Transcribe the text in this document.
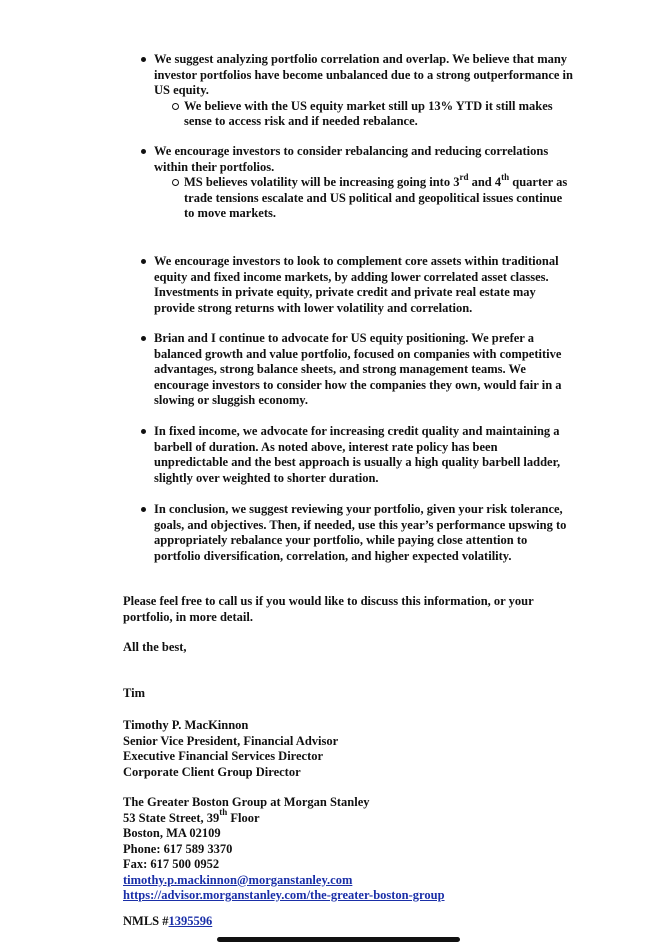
We suggest analyzing portfolio correlation and overlap. We believe that many investor portfolios have become unbalanced due to a strong outperformance in US equity.
We believe with the US equity market still up 13% YTD it still makes sense to access risk and if needed rebalance.
We encourage investors to consider rebalancing and reducing correlations within their portfolios.
MS believes volatility will be increasing going into 3rd and 4th quarter as trade tensions escalate and US political and geopolitical issues continue to move markets.
We encourage investors to look to complement core assets within traditional equity and fixed income markets, by adding lower correlated asset classes. Investments in private equity, private credit and private real estate may provide strong returns with lower volatility and correlation.
Brian and I continue to advocate for US equity positioning. We prefer a balanced growth and value portfolio, focused on companies with competitive advantages, strong balance sheets, and strong management teams. We encourage investors to consider how the companies they own, would fair in a slowing or sluggish economy.
In fixed income, we advocate for increasing credit quality and maintaining a barbell of duration. As noted above, interest rate policy has been unpredictable and the best approach is usually a high quality barbell ladder, slightly over weighted to shorter duration.
In conclusion, we suggest reviewing your portfolio, given your risk tolerance, goals, and objectives. Then, if needed, use this year’s performance upswing to appropriately rebalance your portfolio, while paying close attention to portfolio diversification, correlation, and higher expected volatility.
Please feel free to call us if you would like to discuss this information, or your portfolio, in more detail.
All the best,
Tim
Timothy P. MacKinnon
Senior Vice President, Financial Advisor
Executive Financial Services Director
Corporate Client Group Director
The Greater Boston Group at Morgan Stanley
53 State Street, 39th Floor
Boston, MA 02109
Phone: 617 589 3370
Fax: 617 500 0952
timothy.p.mackinnon@morganstanley.com
https://advisor.morganstanley.com/the-greater-boston-group
NMLS #1395596
